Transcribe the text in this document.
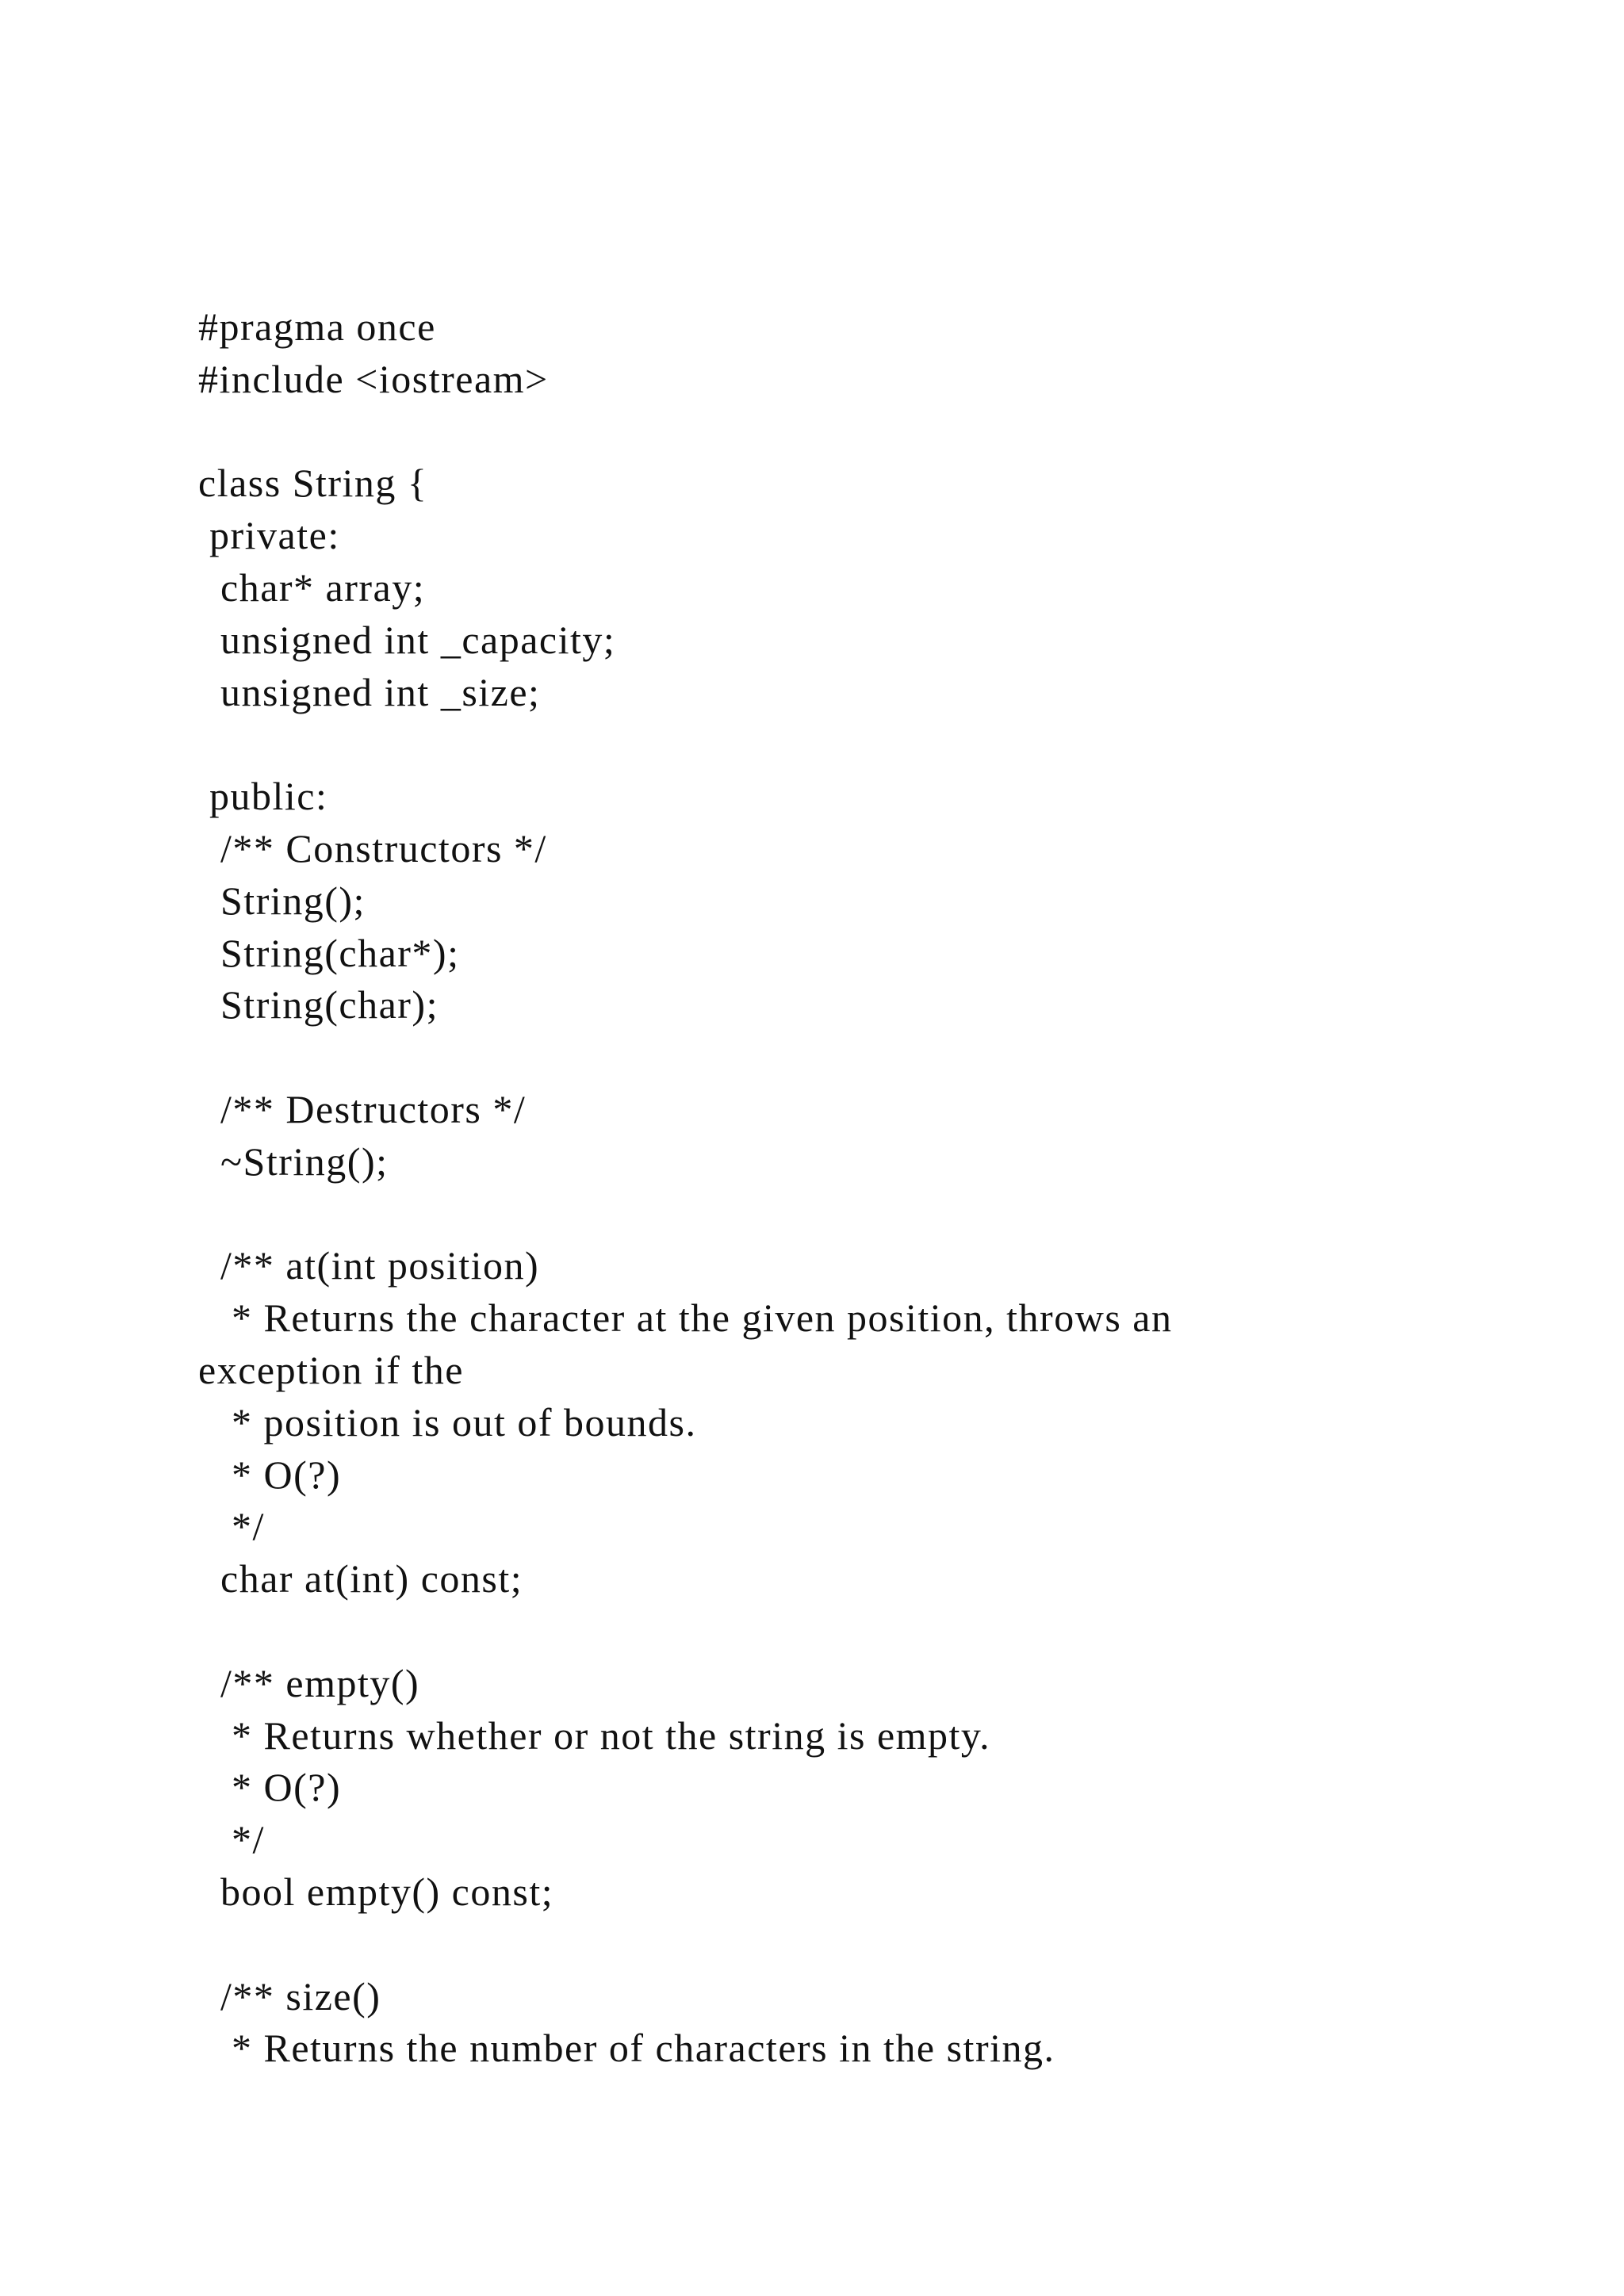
#pragma once
#include <iostream>
class String {
private:
char* array;
unsigned int _capacity;
unsigned int _size;
public:
/** Constructors */
String();
String(char*);
String(char);
/** Destructors */
~String();
/** at(int position)
* Returns the character at the given position, throws an
exception if the
* position is out of bounds.
* O(?)
*/
char at(int) const;
/** empty()
* Returns whether or not the string is empty.
* O(?)
*/
bool empty() const;
/** size()
* Returns the number of characters in the string.
